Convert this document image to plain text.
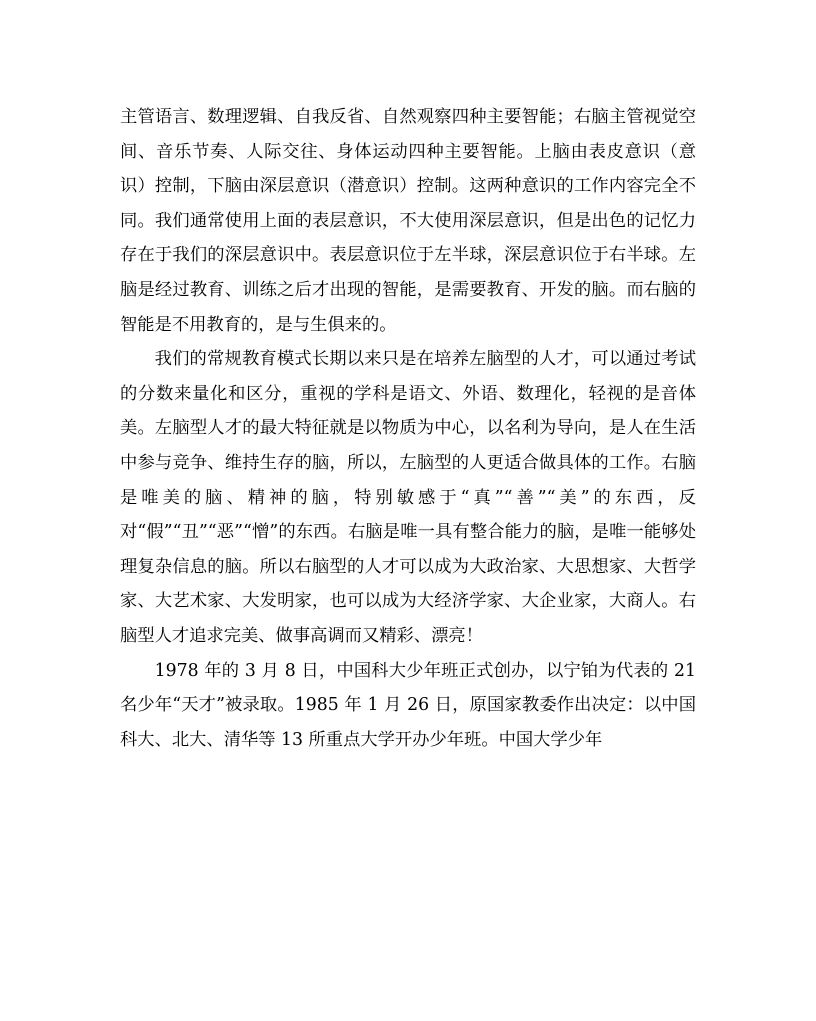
主管语言、数理逻辑、自我反省、自然观察四种主要智能；右脑主管视觉空间、音乐节奏、人际交往、身体运动四种主要智能。上脑由表皮意识（意识）控制，下脑由深层意识（潜意识）控制。这两种意识的工作内容完全不同。我们通常使用上面的表层意识，不大使用深层意识，但是出色的记忆力存在于我们的深层意识中。表层意识位于左半球，深层意识位于右半球。左脑是经过教育、训练之后才出现的智能，是需要教育、开发的脑。而右脑的智能是不用教育的，是与生俱来的。

我们的常规教育模式长期以来只是在培养左脑型的人才，可以通过考试的分数来量化和区分，重视的学科是语文、外语、数理化，轻视的是音体美。左脑型人才的最大特征就是以物质为中心，以名利为导向，是人在生活中参与竞争、维持生存的脑，所以，左脑型的人更适合做具体的工作。右脑是唯美的脑、精神的脑，特别敏感于“真”“善”“美”的东西，反对“假”“丑”“恶”“憎”的东西。右脑是唯一具有整合能力的脑，是唯一能够处理复杂信息的脑。所以右脑型的人才可以成为大政治家、大思想家、大哲学家、大艺术家、大发明家，也可以成为大经济学家、大企业家，大商人。右脑型人才追求完美、做事高调而又精彩、漂亮！

1978 年的 3 月 8 日，中国科大少年班正式创办，以宁铂为代表的 21 名少年“天才”被录取。1985 年 1 月 26 日，原国家教委作出决定：以中国科大、北大、清华等 13 所重点大学开办少年班。中国大学少年
